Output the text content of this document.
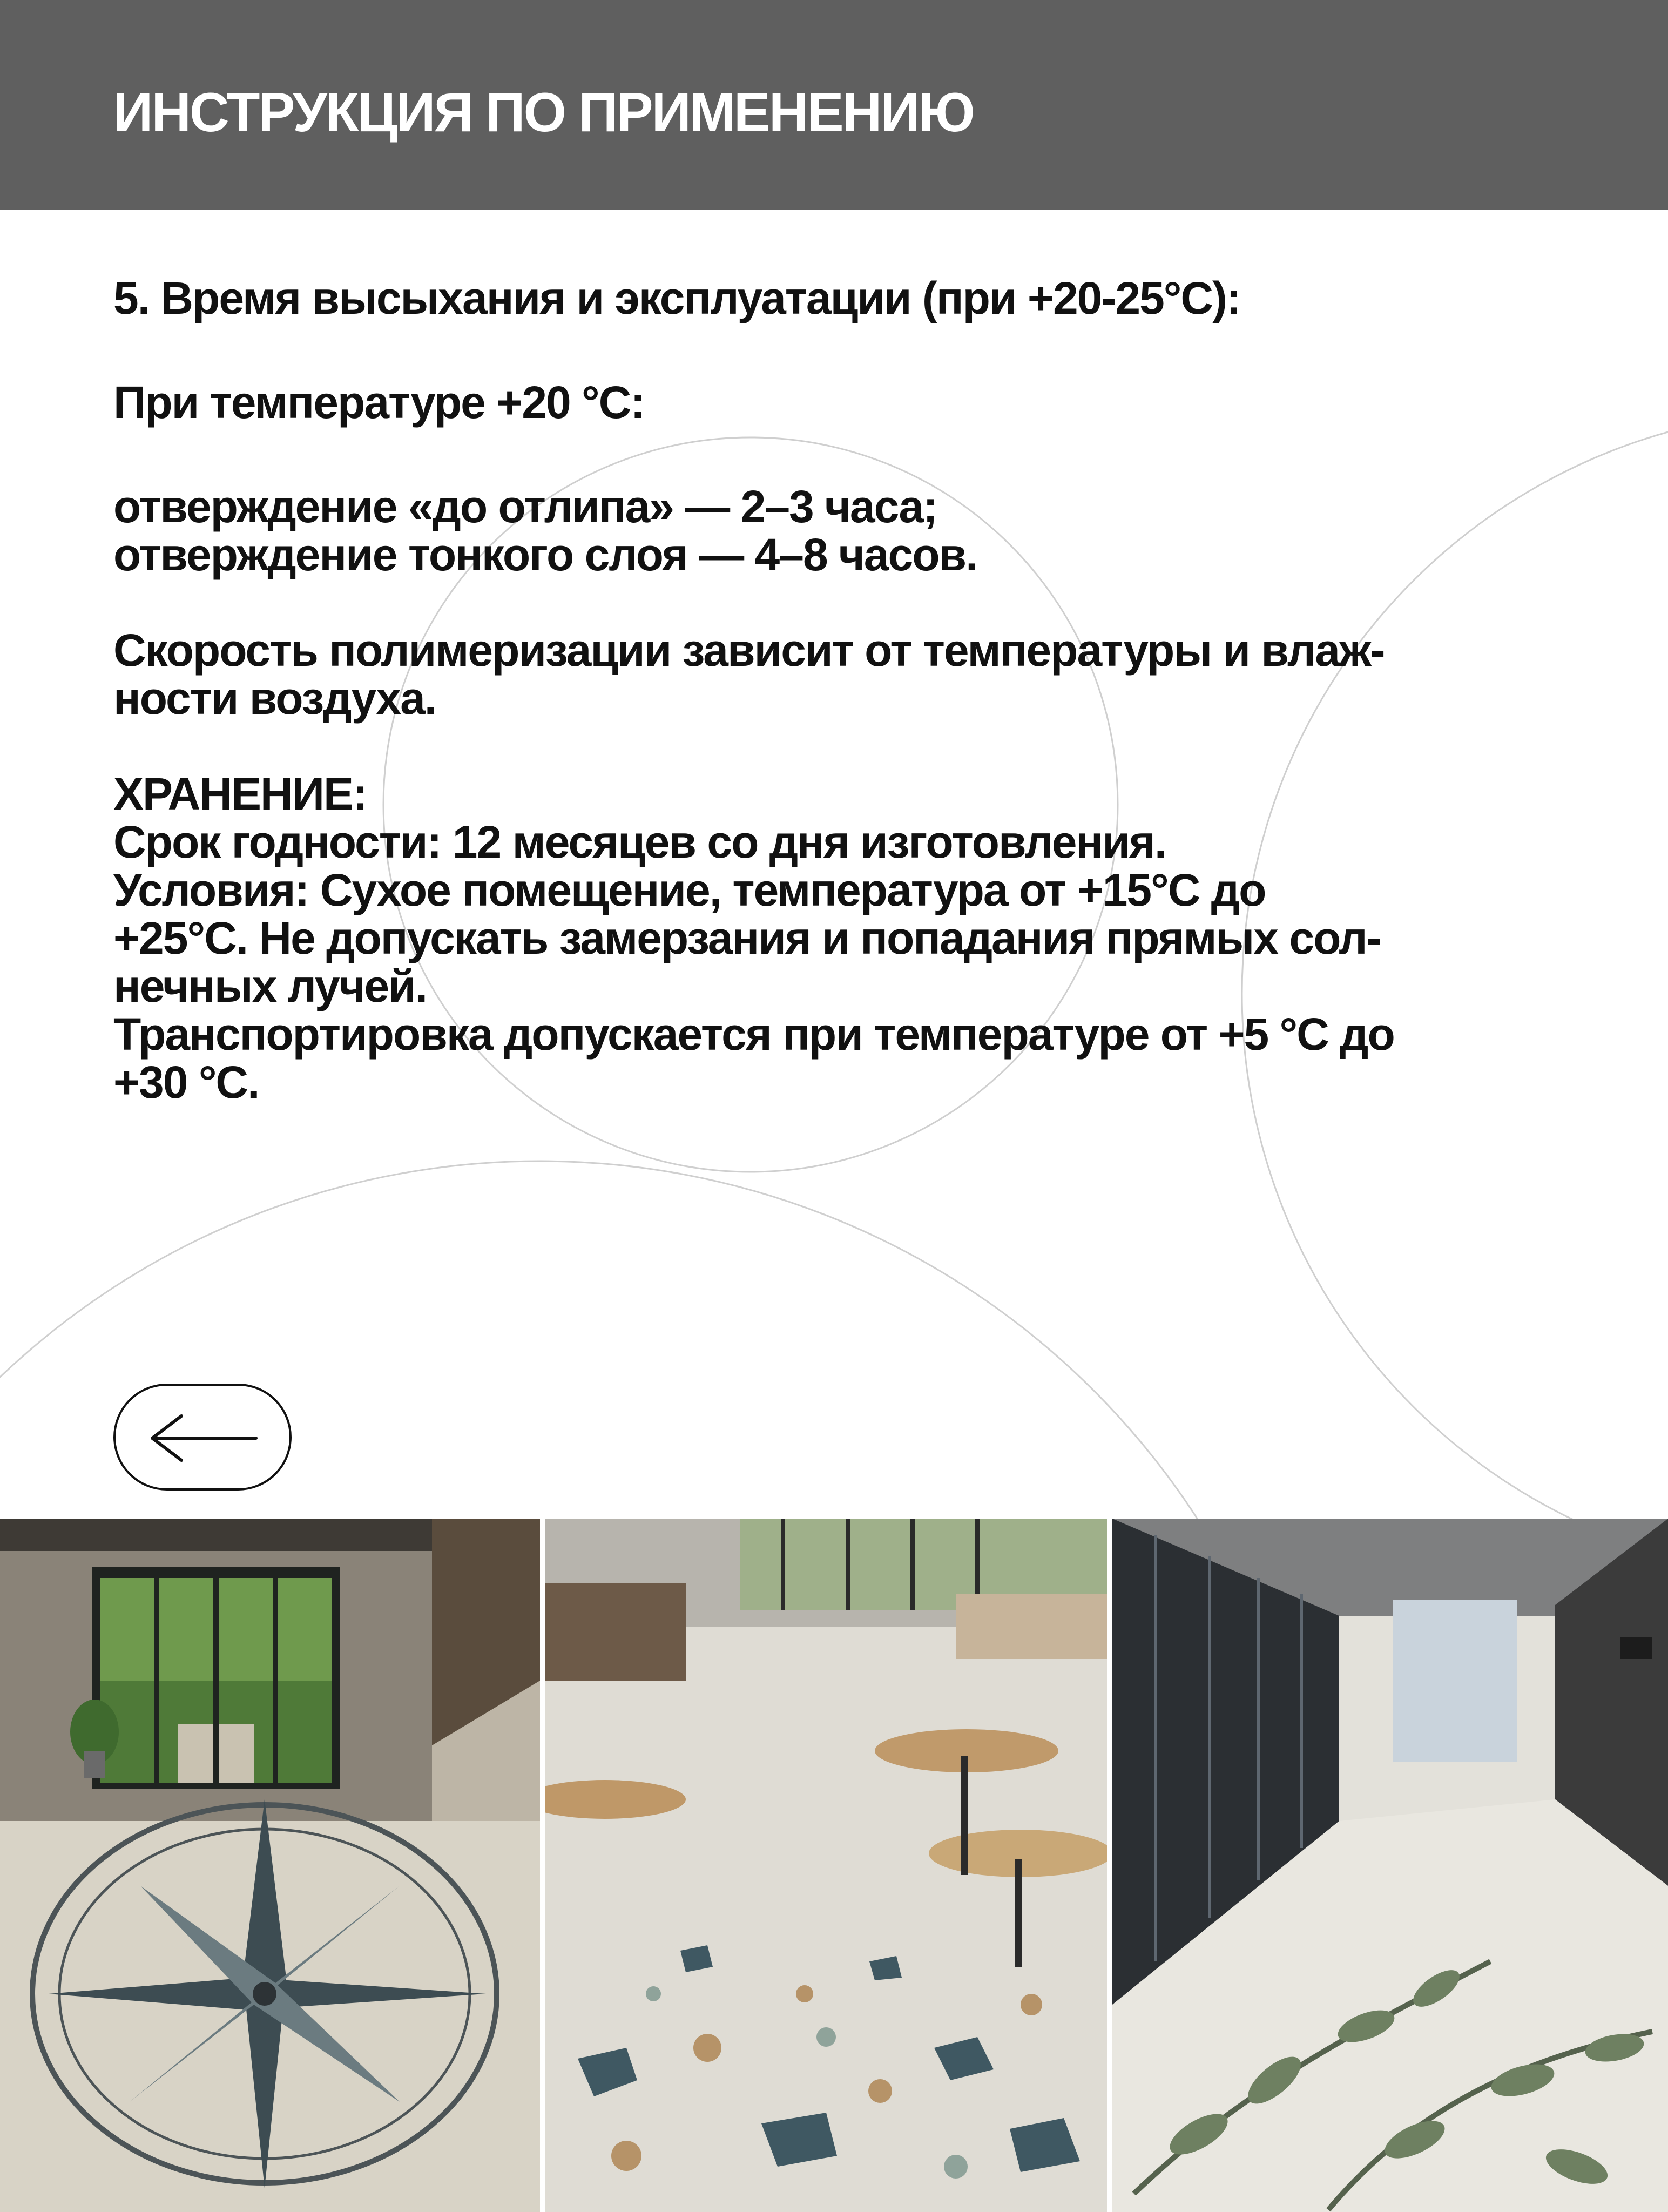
ИНСТРУКЦИЯ ПО ПРИМЕНЕНИЮ
5. Время высыхания и эксплуатации (при +20-25°С):
При температуре +20 °С:
отверждение «до отлипа» — 2–3 часа;
отверждение тонкого слоя — 4–8 часов.
Скорость полимеризации зависит от температуры и влаж-
ности воздуха.
ХРАНЕНИЕ:
Срок годности: 12 месяцев со дня изготовления.
Условия: Сухое помещение, температура от +15°С до
+25°С. Не допускать замерзания и попадания прямых сол-
нечных лучей.
Транспортировка допускается при температуре от +5 °С до
+30 °С.
